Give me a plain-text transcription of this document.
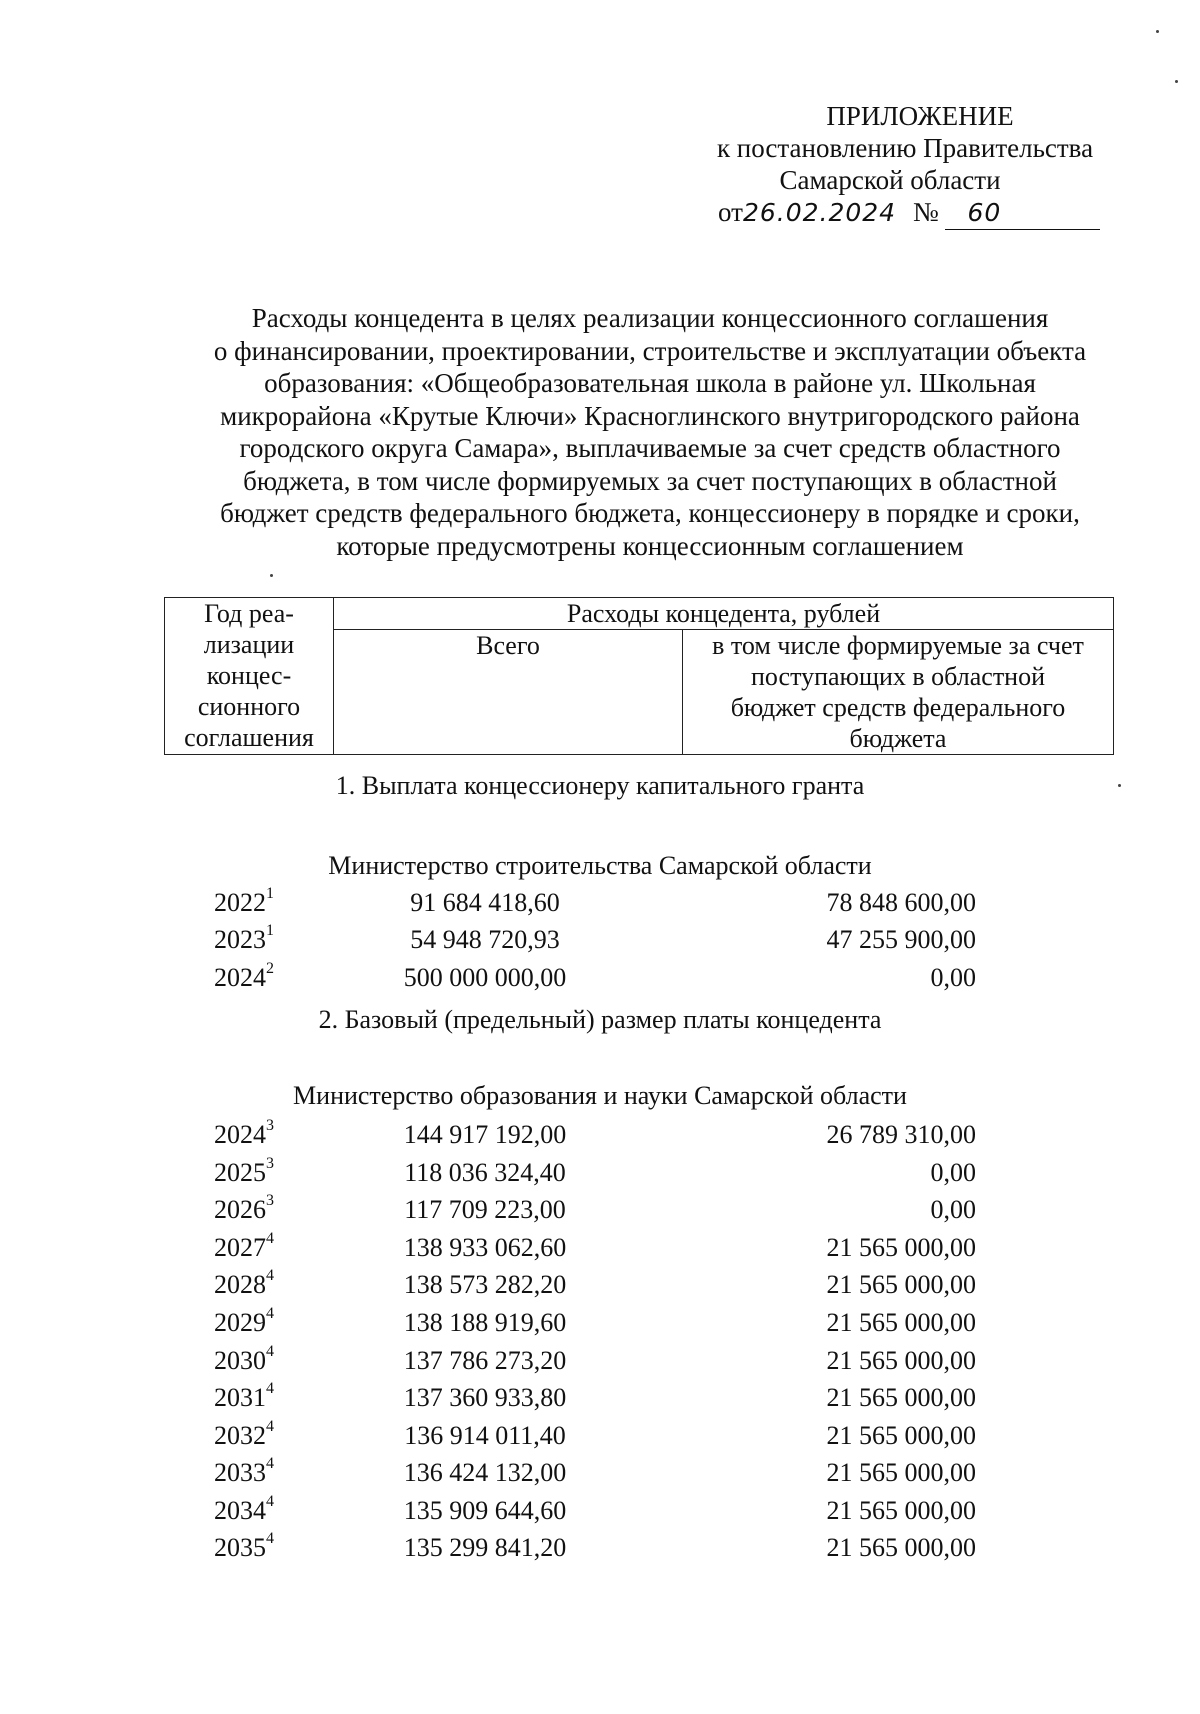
ПРИЛОЖЕНИЕ
к постановлению Правительства
Самарской области
от26.02.2024 № 60
Расходы концедента в целях реализации концессионного соглашения
о финансировании, проектировании, строительстве и эксплуатации объекта
образования: «Общеобразовательная школа в районе ул. Школьная
микрорайона «Крутые Ключи» Красноглинского внутригородского района
городского округа Самара», выплачиваемые за счет средств областного
бюджета, в том числе формируемых за счет поступающих в областной
бюджет средств федерального бюджета, концессионеру в порядке и сроки,
которые предусмотрены концессионным соглашением
Год реа-
лизации
концес-
сионного
соглашения	Расходы концедента, рублей	
	Всего	в том числе формируемые за счет
поступающих в областной
бюджет средств федерального
бюджета
1. Выплата концессионеру капитального гранта
Министерство строительства Самарской области
2022$^1$	91 684 418,60	78 848 600,00
2023$^1$	54 948 720,93	47 255 900,00
2024$^2$	500 000 000,00	0,00
2. Базовый (предельный) размер платы концедента
Министерство образования и науки Самарской области
2024$^3$	144 917 192,00	26 789 310,00
2025$^3$	118 036 324,40	0,00
2026$^3$	117 709 223,00	0,00
2027$^4$	138 933 062,60	21 565 000,00
2028$^4$	138 573 282,20	21 565 000,00
2029$^4$	138 188 919,60	21 565 000,00
2030$^4$	137 786 273,20	21 565 000,00
2031$^4$	137 360 933,80	21 565 000,00
2032$^4$	136 914 011,40	21 565 000,00
2033$^4$	136 424 132,00	21 565 000,00
2034$^4$	135 909 644,60	21 565 000,00
2035$^4$	135 299 841,20	21 565 000,00
